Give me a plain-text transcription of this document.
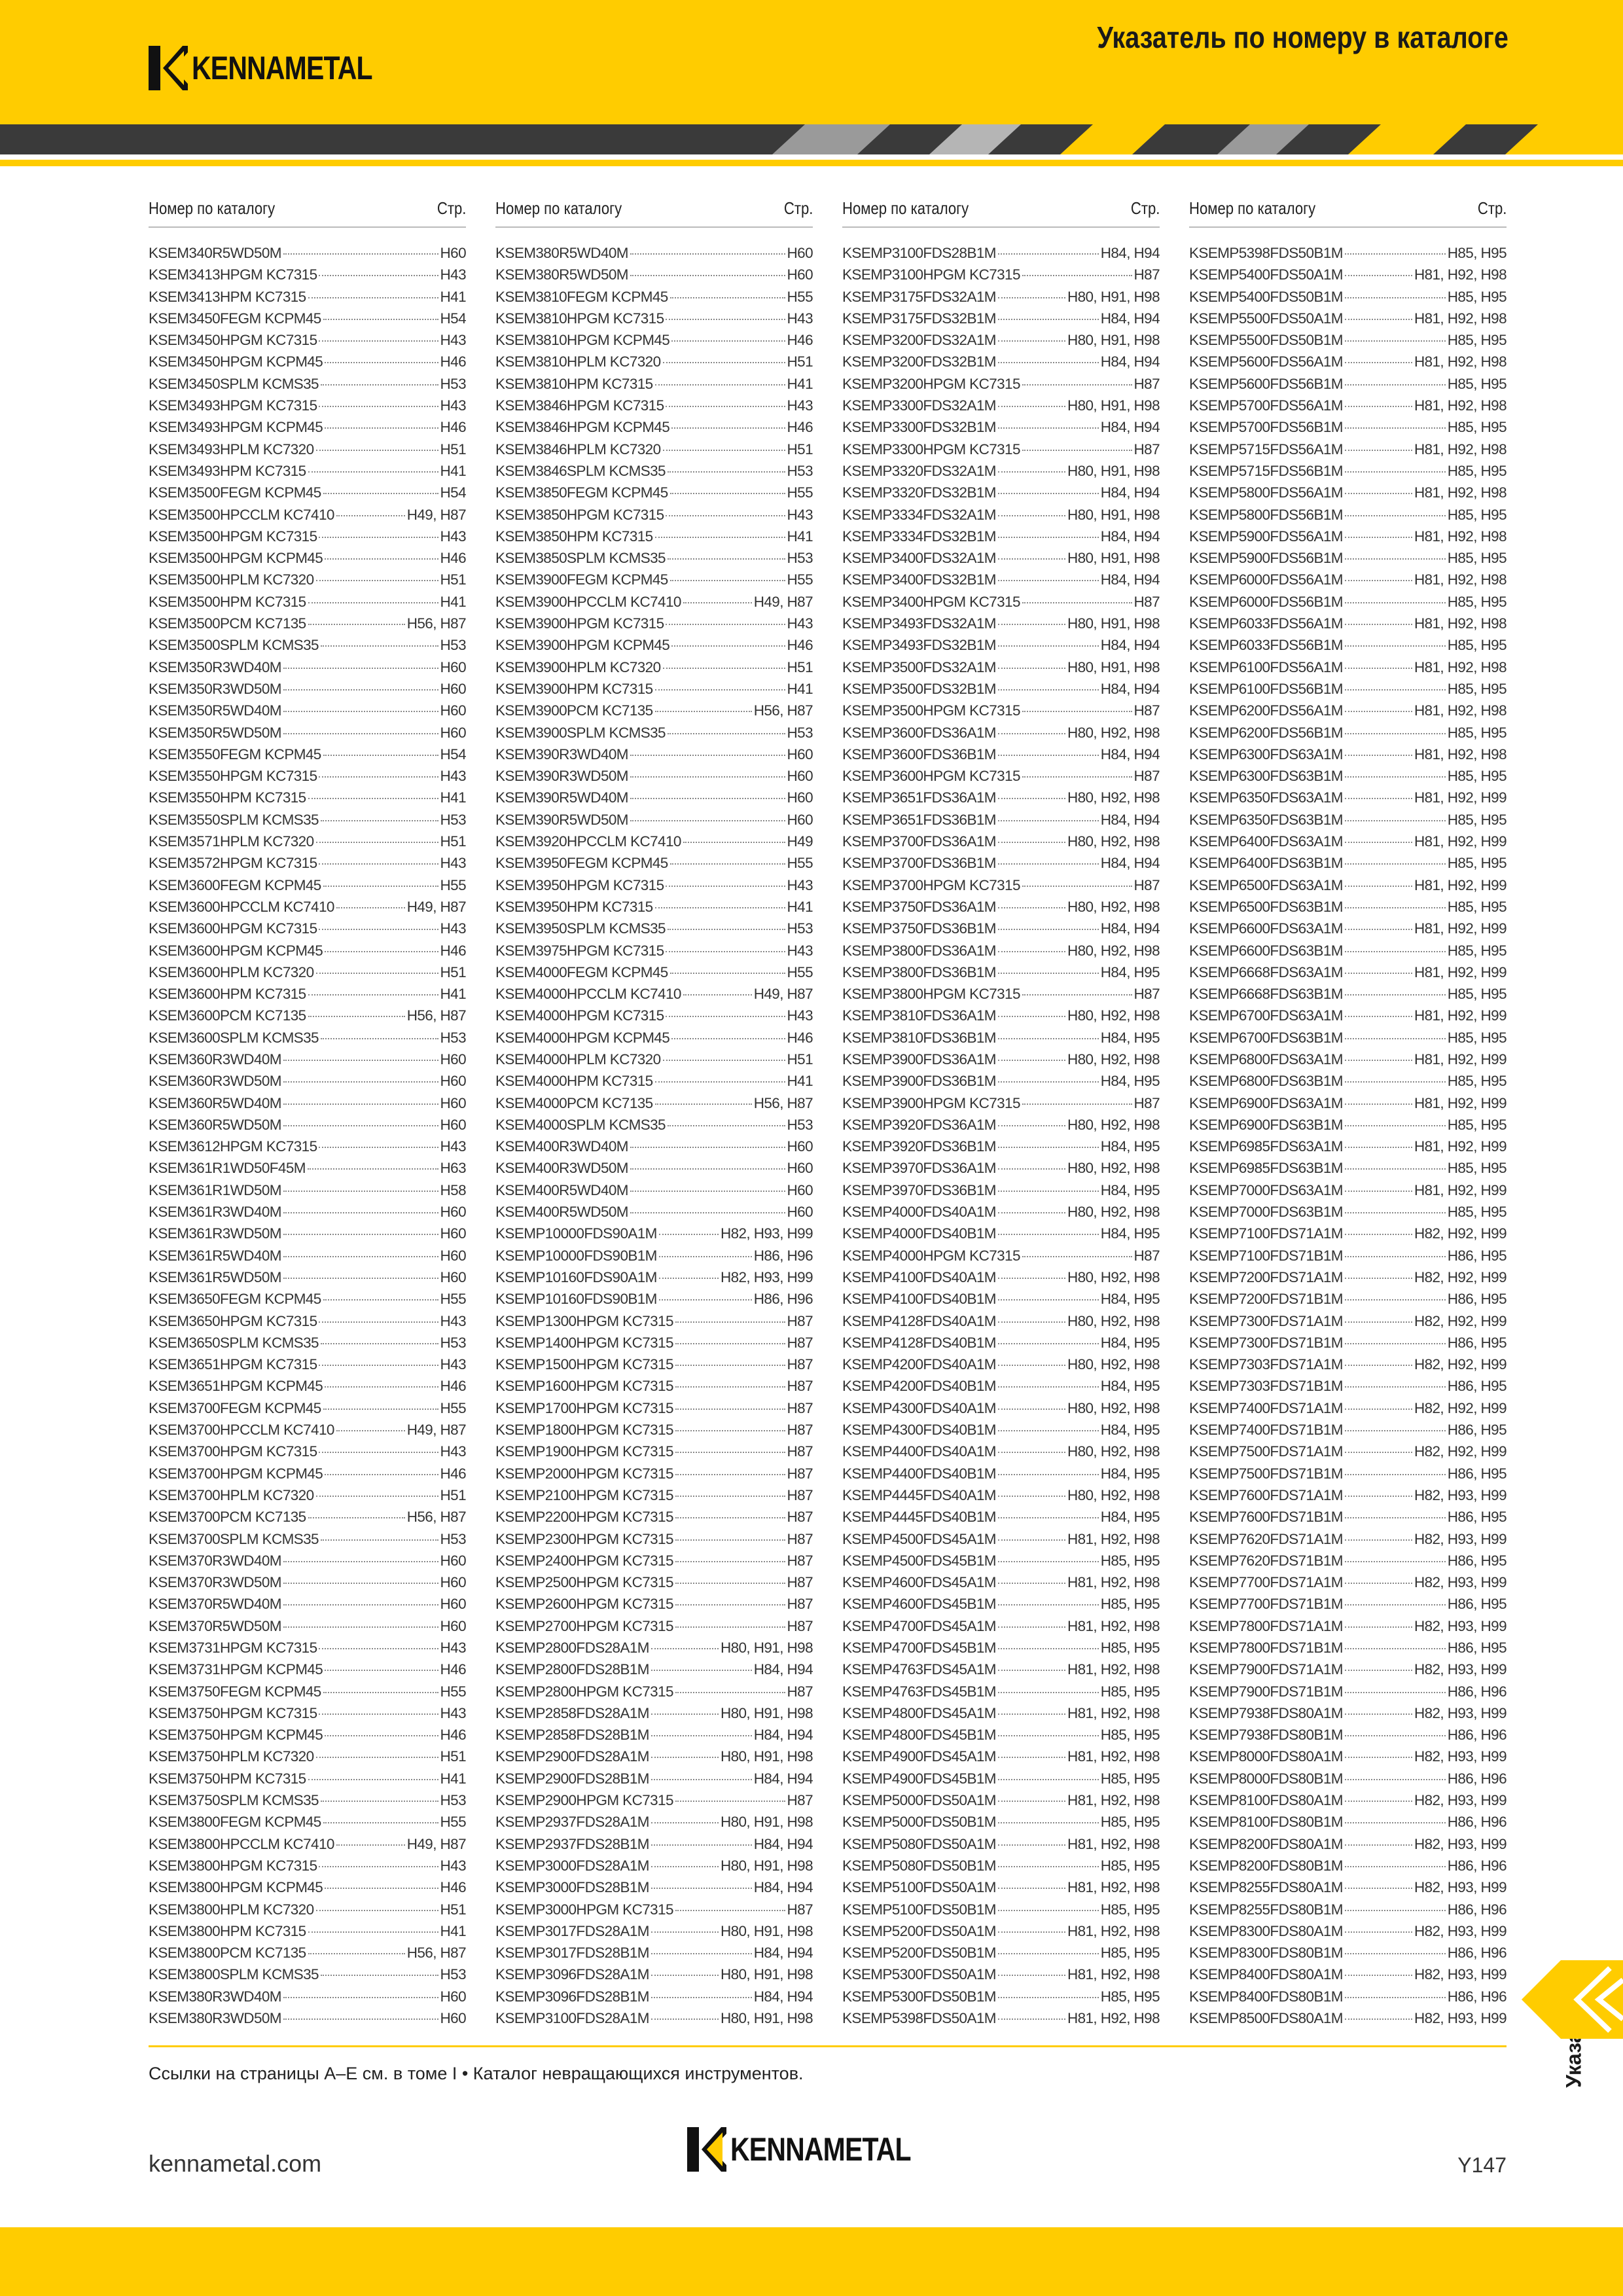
KENNAMETAL
Указатель по номеру в каталоге
Номер по каталогу	Стр.
KSEM340R5WD50M	H60
KSEM3413HPGM KC7315	H43
KSEM3413HPM KC7315	H41
KSEM3450FEGM KCPM45	H54
KSEM3450HPGM KC7315	H43
KSEM3450HPGM KCPM45	H46
KSEM3450SPLM KCMS35	H53
KSEM3493HPGM KC7315	H43
KSEM3493HPGM KCPM45	H46
KSEM3493HPLM KC7320	H51
KSEM3493HPM KC7315	H41
KSEM3500FEGM KCPM45	H54
KSEM3500HPCCLM KC7410	H49, H87
KSEM3500HPGM KC7315	H43
KSEM3500HPGM KCPM45	H46
KSEM3500HPLM KC7320	H51
KSEM3500HPM KC7315	H41
KSEM3500PCM KC7135	H56, H87
KSEM3500SPLM KCMS35	H53
KSEM350R3WD40M	H60
KSEM350R3WD50M	H60
KSEM350R5WD40M	H60
KSEM350R5WD50M	H60
KSEM3550FEGM KCPM45	H54
KSEM3550HPGM KC7315	H43
KSEM3550HPM KC7315	H41
KSEM3550SPLM KCMS35	H53
KSEM3571HPLM KC7320	H51
KSEM3572HPGM KC7315	H43
KSEM3600FEGM KCPM45	H55
KSEM3600HPCCLM KC7410	H49, H87
KSEM3600HPGM KC7315	H43
KSEM3600HPGM KCPM45	H46
KSEM3600HPLM KC7320	H51
KSEM3600HPM KC7315	H41
KSEM3600PCM KC7135	H56, H87
KSEM3600SPLM KCMS35	H53
KSEM360R3WD40M	H60
KSEM360R3WD50M	H60
KSEM360R5WD40M	H60
KSEM360R5WD50M	H60
KSEM3612HPGM KC7315	H43
KSEM361R1WD50F45M	H63
KSEM361R1WD50M	H58
KSEM361R3WD40M	H60
KSEM361R3WD50M	H60
KSEM361R5WD40M	H60
KSEM361R5WD50M	H60
KSEM3650FEGM KCPM45	H55
KSEM3650HPGM KC7315	H43
KSEM3650SPLM KCMS35	H53
KSEM3651HPGM KC7315	H43
KSEM3651HPGM KCPM45	H46
KSEM3700FEGM KCPM45	H55
KSEM3700HPCCLM KC7410	H49, H87
KSEM3700HPGM KC7315	H43
KSEM3700HPGM KCPM45	H46
KSEM3700HPLM KC7320	H51
KSEM3700PCM KC7135	H56, H87
KSEM3700SPLM KCMS35	H53
KSEM370R3WD40M	H60
KSEM370R3WD50M	H60
KSEM370R5WD40M	H60
KSEM370R5WD50M	H60
KSEM3731HPGM KC7315	H43
KSEM3731HPGM KCPM45	H46
KSEM3750FEGM KCPM45	H55
KSEM3750HPGM KC7315	H43
KSEM3750HPGM KCPM45	H46
KSEM3750HPLM KC7320	H51
KSEM3750HPM KC7315	H41
KSEM3750SPLM KCMS35	H53
KSEM3800FEGM KCPM45	H55
KSEM3800HPCCLM KC7410	H49, H87
KSEM3800HPGM KC7315	H43
KSEM3800HPGM KCPM45	H46
KSEM3800HPLM KC7320	H51
KSEM3800HPM KC7315	H41
KSEM3800PCM KC7135	H56, H87
KSEM3800SPLM KCMS35	H53
KSEM380R3WD40M	H60
KSEM380R3WD50M	H60
Номер по каталогу	Стр.
KSEM380R5WD40M	H60
KSEM380R5WD50M	H60
KSEM3810FEGM KCPM45	H55
KSEM3810HPGM KC7315	H43
KSEM3810HPGM KCPM45	H46
KSEM3810HPLM KC7320	H51
KSEM3810HPM KC7315	H41
KSEM3846HPGM KC7315	H43
KSEM3846HPGM KCPM45	H46
KSEM3846HPLM KC7320	H51
KSEM3846SPLM KCMS35	H53
KSEM3850FEGM KCPM45	H55
KSEM3850HPGM KC7315	H43
KSEM3850HPM KC7315	H41
KSEM3850SPLM KCMS35	H53
KSEM3900FEGM KCPM45	H55
KSEM3900HPCCLM KC7410	H49, H87
KSEM3900HPGM KC7315	H43
KSEM3900HPGM KCPM45	H46
KSEM3900HPLM KC7320	H51
KSEM3900HPM KC7315	H41
KSEM3900PCM KC7135	H56, H87
KSEM3900SPLM KCMS35	H53
KSEM390R3WD40M	H60
KSEM390R3WD50M	H60
KSEM390R5WD40M	H60
KSEM390R5WD50M	H60
KSEM3920HPCCLM KC7410	H49
KSEM3950FEGM KCPM45	H55
KSEM3950HPGM KC7315	H43
KSEM3950HPM KC7315	H41
KSEM3950SPLM KCMS35	H53
KSEM3975HPGM KC7315	H43
KSEM4000FEGM KCPM45	H55
KSEM4000HPCCLM KC7410	H49, H87
KSEM4000HPGM KC7315	H43
KSEM4000HPGM KCPM45	H46
KSEM4000HPLM KC7320	H51
KSEM4000HPM KC7315	H41
KSEM4000PCM KC7135	H56, H87
KSEM4000SPLM KCMS35	H53
KSEM400R3WD40M	H60
KSEM400R3WD50M	H60
KSEM400R5WD40M	H60
KSEM400R5WD50M	H60
KSEMP10000FDS90A1M	H82, H93, H99
KSEMP10000FDS90B1M	H86, H96
KSEMP10160FDS90A1M	H82, H93, H99
KSEMP10160FDS90B1M	H86, H96
KSEMP1300HPGM KC7315	H87
KSEMP1400HPGM KC7315	H87
KSEMP1500HPGM KC7315	H87
KSEMP1600HPGM KC7315	H87
KSEMP1700HPGM KC7315	H87
KSEMP1800HPGM KC7315	H87
KSEMP1900HPGM KC7315	H87
KSEMP2000HPGM KC7315	H87
KSEMP2100HPGM KC7315	H87
KSEMP2200HPGM KC7315	H87
KSEMP2300HPGM KC7315	H87
KSEMP2400HPGM KC7315	H87
KSEMP2500HPGM KC7315	H87
KSEMP2600HPGM KC7315	H87
KSEMP2700HPGM KC7315	H87
KSEMP2800FDS28A1M	H80, H91, H98
KSEMP2800FDS28B1M	H84, H94
KSEMP2800HPGM KC7315	H87
KSEMP2858FDS28A1M	H80, H91, H98
KSEMP2858FDS28B1M	H84, H94
KSEMP2900FDS28A1M	H80, H91, H98
KSEMP2900FDS28B1M	H84, H94
KSEMP2900HPGM KC7315	H87
KSEMP2937FDS28A1M	H80, H91, H98
KSEMP2937FDS28B1M	H84, H94
KSEMP3000FDS28A1M	H80, H91, H98
KSEMP3000FDS28B1M	H84, H94
KSEMP3000HPGM KC7315	H87
KSEMP3017FDS28A1M	H80, H91, H98
KSEMP3017FDS28B1M	H84, H94
KSEMP3096FDS28A1M	H80, H91, H98
KSEMP3096FDS28B1M	H84, H94
KSEMP3100FDS28A1M	H80, H91, H98
Номер по каталогу	Стр.
KSEMP3100FDS28B1M	H84, H94
KSEMP3100HPGM KC7315	H87
KSEMP3175FDS32A1M	H80, H91, H98
KSEMP3175FDS32B1M	H84, H94
KSEMP3200FDS32A1M	H80, H91, H98
KSEMP3200FDS32B1M	H84, H94
KSEMP3200HPGM KC7315	H87
KSEMP3300FDS32A1M	H80, H91, H98
KSEMP3300FDS32B1M	H84, H94
KSEMP3300HPGM KC7315	H87
KSEMP3320FDS32A1M	H80, H91, H98
KSEMP3320FDS32B1M	H84, H94
KSEMP3334FDS32A1M	H80, H91, H98
KSEMP3334FDS32B1M	H84, H94
KSEMP3400FDS32A1M	H80, H91, H98
KSEMP3400FDS32B1M	H84, H94
KSEMP3400HPGM KC7315	H87
KSEMP3493FDS32A1M	H80, H91, H98
KSEMP3493FDS32B1M	H84, H94
KSEMP3500FDS32A1M	H80, H91, H98
KSEMP3500FDS32B1M	H84, H94
KSEMP3500HPGM KC7315	H87
KSEMP3600FDS36A1M	H80, H92, H98
KSEMP3600FDS36B1M	H84, H94
KSEMP3600HPGM KC7315	H87
KSEMP3651FDS36A1M	H80, H92, H98
KSEMP3651FDS36B1M	H84, H94
KSEMP3700FDS36A1M	H80, H92, H98
KSEMP3700FDS36B1M	H84, H94
KSEMP3700HPGM KC7315	H87
KSEMP3750FDS36A1M	H80, H92, H98
KSEMP3750FDS36B1M	H84, H94
KSEMP3800FDS36A1M	H80, H92, H98
KSEMP3800FDS36B1M	H84, H95
KSEMP3800HPGM KC7315	H87
KSEMP3810FDS36A1M	H80, H92, H98
KSEMP3810FDS36B1M	H84, H95
KSEMP3900FDS36A1M	H80, H92, H98
KSEMP3900FDS36B1M	H84, H95
KSEMP3900HPGM KC7315	H87
KSEMP3920FDS36A1M	H80, H92, H98
KSEMP3920FDS36B1M	H84, H95
KSEMP3970FDS36A1M	H80, H92, H98
KSEMP3970FDS36B1M	H84, H95
KSEMP4000FDS40A1M	H80, H92, H98
KSEMP4000FDS40B1M	H84, H95
KSEMP4000HPGM KC7315	H87
KSEMP4100FDS40A1M	H80, H92, H98
KSEMP4100FDS40B1M	H84, H95
KSEMP4128FDS40A1M	H80, H92, H98
KSEMP4128FDS40B1M	H84, H95
KSEMP4200FDS40A1M	H80, H92, H98
KSEMP4200FDS40B1M	H84, H95
KSEMP4300FDS40A1M	H80, H92, H98
KSEMP4300FDS40B1M	H84, H95
KSEMP4400FDS40A1M	H80, H92, H98
KSEMP4400FDS40B1M	H84, H95
KSEMP4445FDS40A1M	H80, H92, H98
KSEMP4445FDS40B1M	H84, H95
KSEMP4500FDS45A1M	H81, H92, H98
KSEMP4500FDS45B1M	H85, H95
KSEMP4600FDS45A1M	H81, H92, H98
KSEMP4600FDS45B1M	H85, H95
KSEMP4700FDS45A1M	H81, H92, H98
KSEMP4700FDS45B1M	H85, H95
KSEMP4763FDS45A1M	H81, H92, H98
KSEMP4763FDS45B1M	H85, H95
KSEMP4800FDS45A1M	H81, H92, H98
KSEMP4800FDS45B1M	H85, H95
KSEMP4900FDS45A1M	H81, H92, H98
KSEMP4900FDS45B1M	H85, H95
KSEMP5000FDS50A1M	H81, H92, H98
KSEMP5000FDS50B1M	H85, H95
KSEMP5080FDS50A1M	H81, H92, H98
KSEMP5080FDS50B1M	H85, H95
KSEMP5100FDS50A1M	H81, H92, H98
KSEMP5100FDS50B1M	H85, H95
KSEMP5200FDS50A1M	H81, H92, H98
KSEMP5200FDS50B1M	H85, H95
KSEMP5300FDS50A1M	H81, H92, H98
KSEMP5300FDS50B1M	H85, H95
KSEMP5398FDS50A1M	H81, H92, H98
Номер по каталогу	Стр.
KSEMP5398FDS50B1M	H85, H95
KSEMP5400FDS50A1M	H81, H92, H98
KSEMP5400FDS50B1M	H85, H95
KSEMP5500FDS50A1M	H81, H92, H98
KSEMP5500FDS50B1M	H85, H95
KSEMP5600FDS56A1M	H81, H92, H98
KSEMP5600FDS56B1M	H85, H95
KSEMP5700FDS56A1M	H81, H92, H98
KSEMP5700FDS56B1M	H85, H95
KSEMP5715FDS56A1M	H81, H92, H98
KSEMP5715FDS56B1M	H85, H95
KSEMP5800FDS56A1M	H81, H92, H98
KSEMP5800FDS56B1M	H85, H95
KSEMP5900FDS56A1M	H81, H92, H98
KSEMP5900FDS56B1M	H85, H95
KSEMP6000FDS56A1M	H81, H92, H98
KSEMP6000FDS56B1M	H85, H95
KSEMP6033FDS56A1M	H81, H92, H98
KSEMP6033FDS56B1M	H85, H95
KSEMP6100FDS56A1M	H81, H92, H98
KSEMP6100FDS56B1M	H85, H95
KSEMP6200FDS56A1M	H81, H92, H98
KSEMP6200FDS56B1M	H85, H95
KSEMP6300FDS63A1M	H81, H92, H98
KSEMP6300FDS63B1M	H85, H95
KSEMP6350FDS63A1M	H81, H92, H99
KSEMP6350FDS63B1M	H85, H95
KSEMP6400FDS63A1M	H81, H92, H99
KSEMP6400FDS63B1M	H85, H95
KSEMP6500FDS63A1M	H81, H92, H99
KSEMP6500FDS63B1M	H85, H95
KSEMP6600FDS63A1M	H81, H92, H99
KSEMP6600FDS63B1M	H85, H95
KSEMP6668FDS63A1M	H81, H92, H99
KSEMP6668FDS63B1M	H85, H95
KSEMP6700FDS63A1M	H81, H92, H99
KSEMP6700FDS63B1M	H85, H95
KSEMP6800FDS63A1M	H81, H92, H99
KSEMP6800FDS63B1M	H85, H95
KSEMP6900FDS63A1M	H81, H92, H99
KSEMP6900FDS63B1M	H85, H95
KSEMP6985FDS63A1M	H81, H92, H99
KSEMP6985FDS63B1M	H85, H95
KSEMP7000FDS63A1M	H81, H92, H99
KSEMP7000FDS63B1M	H85, H95
KSEMP7100FDS71A1M	H82, H92, H99
KSEMP7100FDS71B1M	H86, H95
KSEMP7200FDS71A1M	H82, H92, H99
KSEMP7200FDS71B1M	H86, H95
KSEMP7300FDS71A1M	H82, H92, H99
KSEMP7300FDS71B1M	H86, H95
KSEMP7303FDS71A1M	H82, H92, H99
KSEMP7303FDS71B1M	H86, H95
KSEMP7400FDS71A1M	H82, H92, H99
KSEMP7400FDS71B1M	H86, H95
KSEMP7500FDS71A1M	H82, H92, H99
KSEMP7500FDS71B1M	H86, H95
KSEMP7600FDS71A1M	H82, H93, H99
KSEMP7600FDS71B1M	H86, H95
KSEMP7620FDS71A1M	H82, H93, H99
KSEMP7620FDS71B1M	H86, H95
KSEMP7700FDS71A1M	H82, H93, H99
KSEMP7700FDS71B1M	H86, H95
KSEMP7800FDS71A1M	H82, H93, H99
KSEMP7800FDS71B1M	H86, H95
KSEMP7900FDS71A1M	H82, H93, H99
KSEMP7900FDS71B1M	H86, H96
KSEMP7938FDS80A1M	H82, H93, H99
KSEMP7938FDS80B1M	H86, H96
KSEMP8000FDS80A1M	H82, H93, H99
KSEMP8000FDS80B1M	H86, H96
KSEMP8100FDS80A1M	H82, H93, H99
KSEMP8100FDS80B1M	H86, H96
KSEMP8200FDS80A1M	H82, H93, H99
KSEMP8200FDS80B1M	H86, H96
KSEMP8255FDS80A1M	H82, H93, H99
KSEMP8255FDS80B1M	H86, H96
KSEMP8300FDS80A1M	H82, H93, H99
KSEMP8300FDS80B1M	H86, H96
KSEMP8400FDS80A1M	H82, H93, H99
KSEMP8400FDS80B1M	H86, H96
KSEMP8500FDS80A1M	H82, H93, H99
Ссылки на страницы A–E см. в томе I • Каталог невращающихся инструментов.
kennametal.com	KENNAMETAL	Y147
